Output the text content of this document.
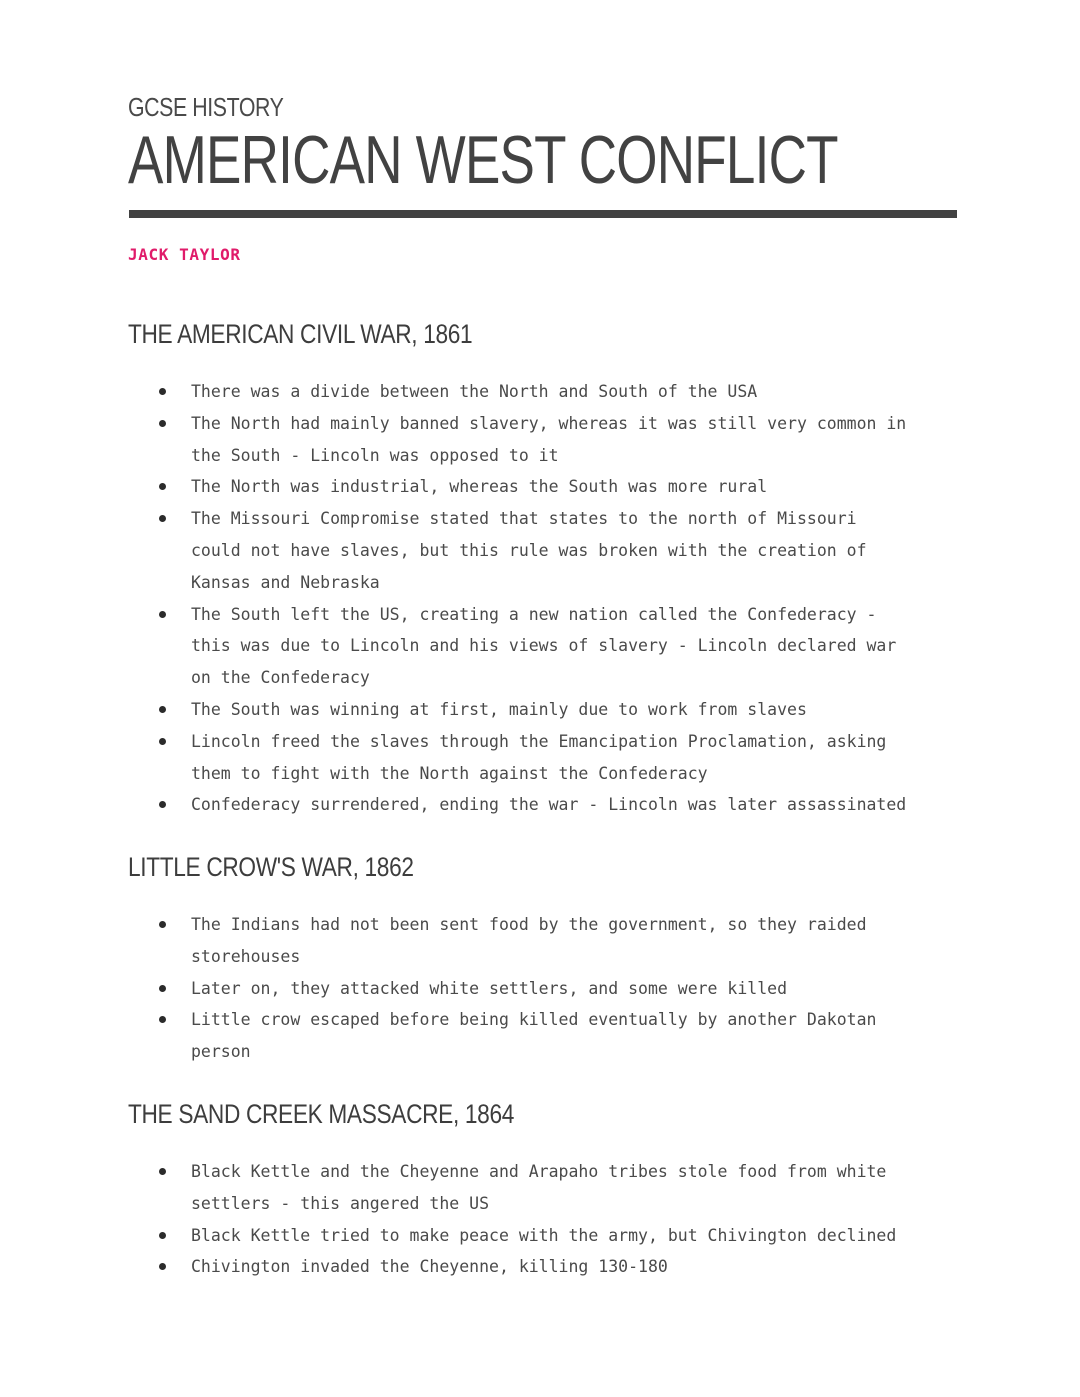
GCSE HISTORY
AMERICAN WEST CONFLICT
JACK TAYLOR
THE AMERICAN CIVIL WAR, 1861
There was a divide between the North and South of the USA
The North had mainly banned slavery, whereas it was still very common in
the South - Lincoln was opposed to it
The North was industrial, whereas the South was more rural
The Missouri Compromise stated that states to the north of Missouri
could not have slaves, but this rule was broken with the creation of
Kansas and Nebraska
The South left the US, creating a new nation called the Confederacy -
this was due to Lincoln and his views of slavery - Lincoln declared war
on the Confederacy
The South was winning at first, mainly due to work from slaves
Lincoln freed the slaves through the Emancipation Proclamation, asking
them to fight with the North against the Confederacy
Confederacy surrendered, ending the war - Lincoln was later assassinated
LITTLE CROW'S WAR, 1862
The Indians had not been sent food by the government, so they raided
storehouses
Later on, they attacked white settlers, and some were killed
Little crow escaped before being killed eventually by another Dakotan
person
THE SAND CREEK MASSACRE, 1864
Black Kettle and the Cheyenne and Arapaho tribes stole food from white
settlers - this angered the US
Black Kettle tried to make peace with the army, but Chivington declined
Chivington invaded the Cheyenne, killing 130-180
